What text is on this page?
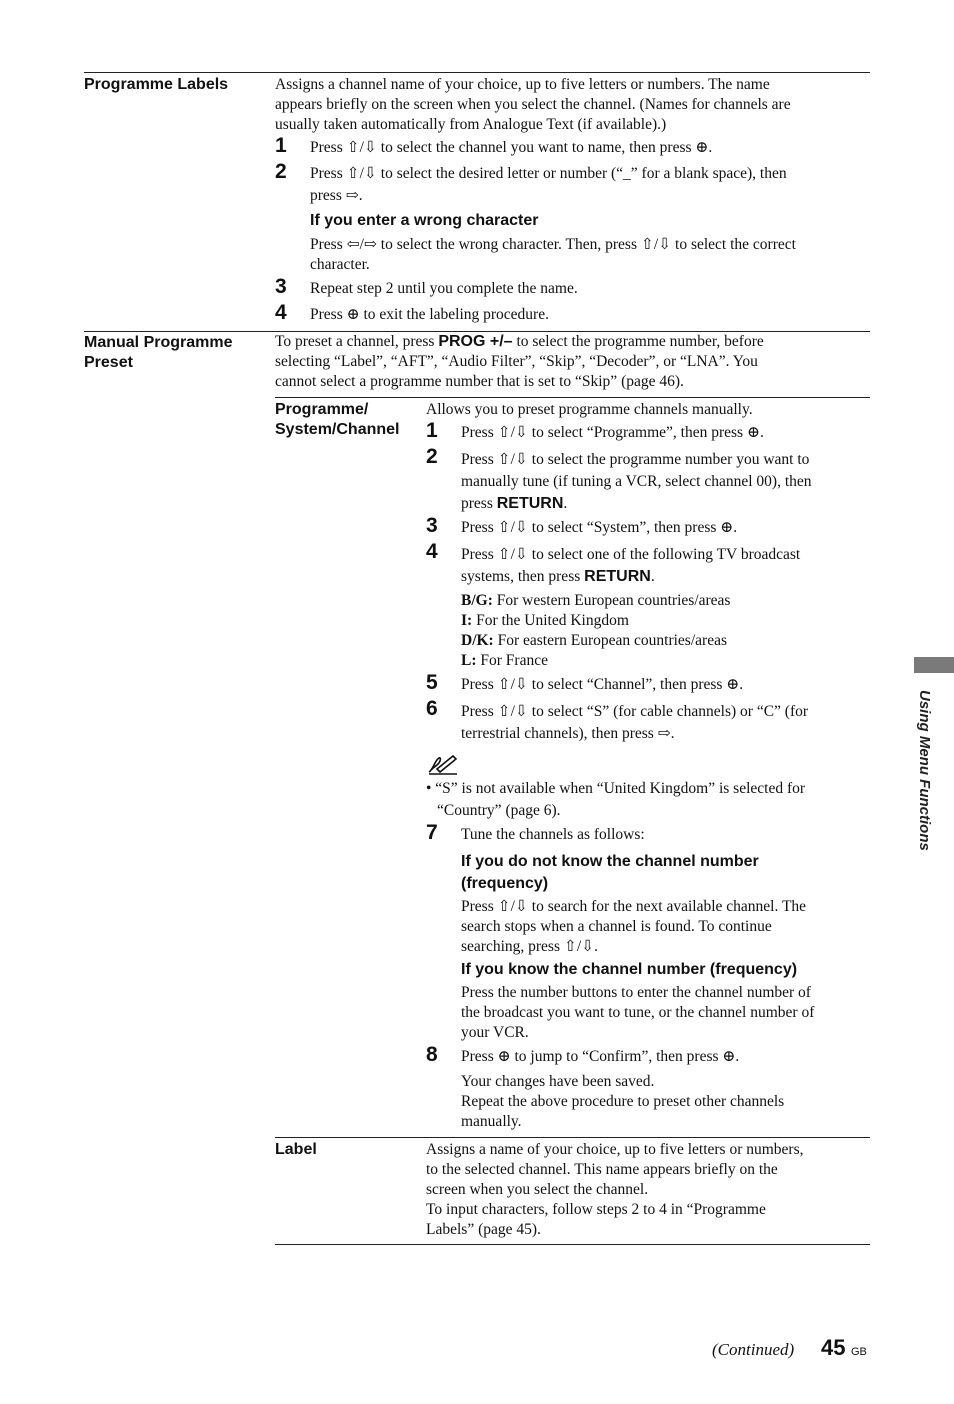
Programme Labels	Assigns a channel name of your choice, up to five letters or numbers. The name
appears briefly on the screen when you select the channel. (Names for channels are
usually taken automatically from Analogue Text (if available).)
1 Press ⇧/⇩ to select the channel you want to name, then press ⊕.
2 Press ⇧/⇩ to select the desired letter or number (“_” for a blank space), then
press ⇨.
If you enter a wrong character
Press ⇦/⇨ to select the wrong character. Then, press ⇧/⇩ to select the correct
character.
3 Repeat step 2 until you complete the name.
4 Press ⊕ to exit the labeling procedure.
Manual Programme
Preset
To preset a channel, press PROG +/– to select the programme number, before
selecting “Label”, “AFT”, “Audio Filter”, “Skip”, “Decoder”, or “LNA”. You
cannot select a programme number that is set to “Skip” (page 46).
Programme/
System/Channel
Allows you to preset programme channels manually.
1 Press ⇧/⇩ to select “Programme”, then press ⊕.
2 Press ⇧/⇩ to select the programme number you want to
manually tune (if tuning a VCR, select channel 00), then
press RETURN.
3 Press ⇧/⇩ to select “System”, then press ⊕.
4 Press ⇧/⇩ to select one of the following TV broadcast
systems, then press RETURN.
B/G: For western European countries/areas
I: For the United Kingdom
D/K: For eastern European countries/areas
L: For France
5 Press ⇧/⇩ to select “Channel”, then press ⊕.
6 Press ⇧/⇩ to select “S” (for cable channels) or “C” (for
terrestrial channels), then press ⇨.
• “S” is not available when “United Kingdom” is selected for
“Country” (page 6).
7 Tune the channels as follows:
If you do not know the channel number
(frequency)
Press ⇧/⇩ to search for the next available channel. The
search stops when a channel is found. To continue
searching, press ⇧/⇩.
If you know the channel number (frequency)
Press the number buttons to enter the channel number of
the broadcast you want to tune, or the channel number of
your VCR.
8 Press ⊕ to jump to “Confirm”, then press ⊕.
Your changes have been saved.
Repeat the above procedure to preset other channels
manually.
Label	Assigns a name of your choice, up to five letters or numbers,
to the selected channel. This name appears briefly on the
screen when you select the channel.
To input characters, follow steps 2 to 4 in “Programme
Labels” (page 45).
Using Menu Functions
(Continued) 45 GB
